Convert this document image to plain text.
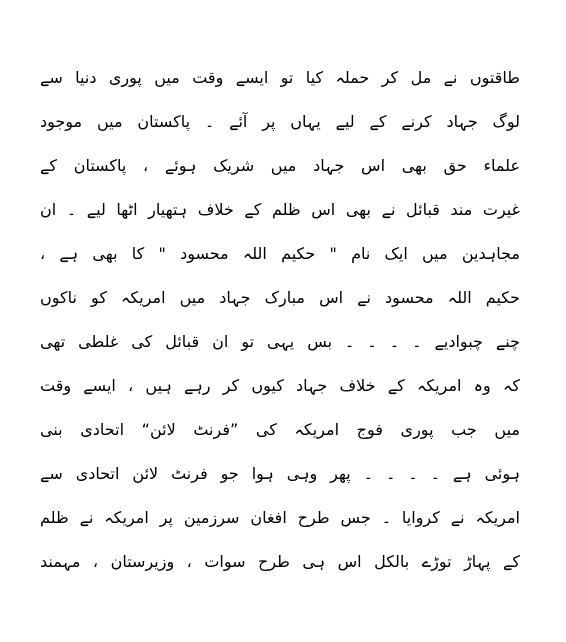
طاقتوں نے مل کر حملہ کیا تو ایسے وقت میں پوری دنیا سے
لوگ جہاد کرنے کے لیے یہاں پر آئے ۔ پاکستان میں موجود
علماء حق بھی اس جہاد میں شریک ہوئے ، پاکستان کے
غیرت مند قبائل نے بھی اس ظلم کے خلاف ہتھیار اٹھا لیے ۔ ان
مجاہدین میں ایک نام " حکیم اللہ محسود " کا بھی ہے ،
حکیم اللہ محسود نے اس مبارک جہاد میں امریکہ کو ناکوں
چنے چبوادیے ۔ ۔ ۔ ۔ بس یہی تو ان قبائل کی غلطی تھی
کہ وہ امریکہ کے خلاف جہاد کیوں کر رہے ہیں ، ایسے وقت
میں جب پوری فوج امریکہ کی ”فرنٹ لائن“ اتحادی بنی
ہوئی ہے ۔ ۔ ۔ ۔ پھر وہی ہوا جو فرنٹ لائن اتحادی سے
امریکہ نے کروایا ۔ جس طرح افغان سرزمین پر امریکہ نے ظلم
کے پہاڑ توڑے بالکل اس ہی طرح سوات ، وزیرستان ، مہمند
